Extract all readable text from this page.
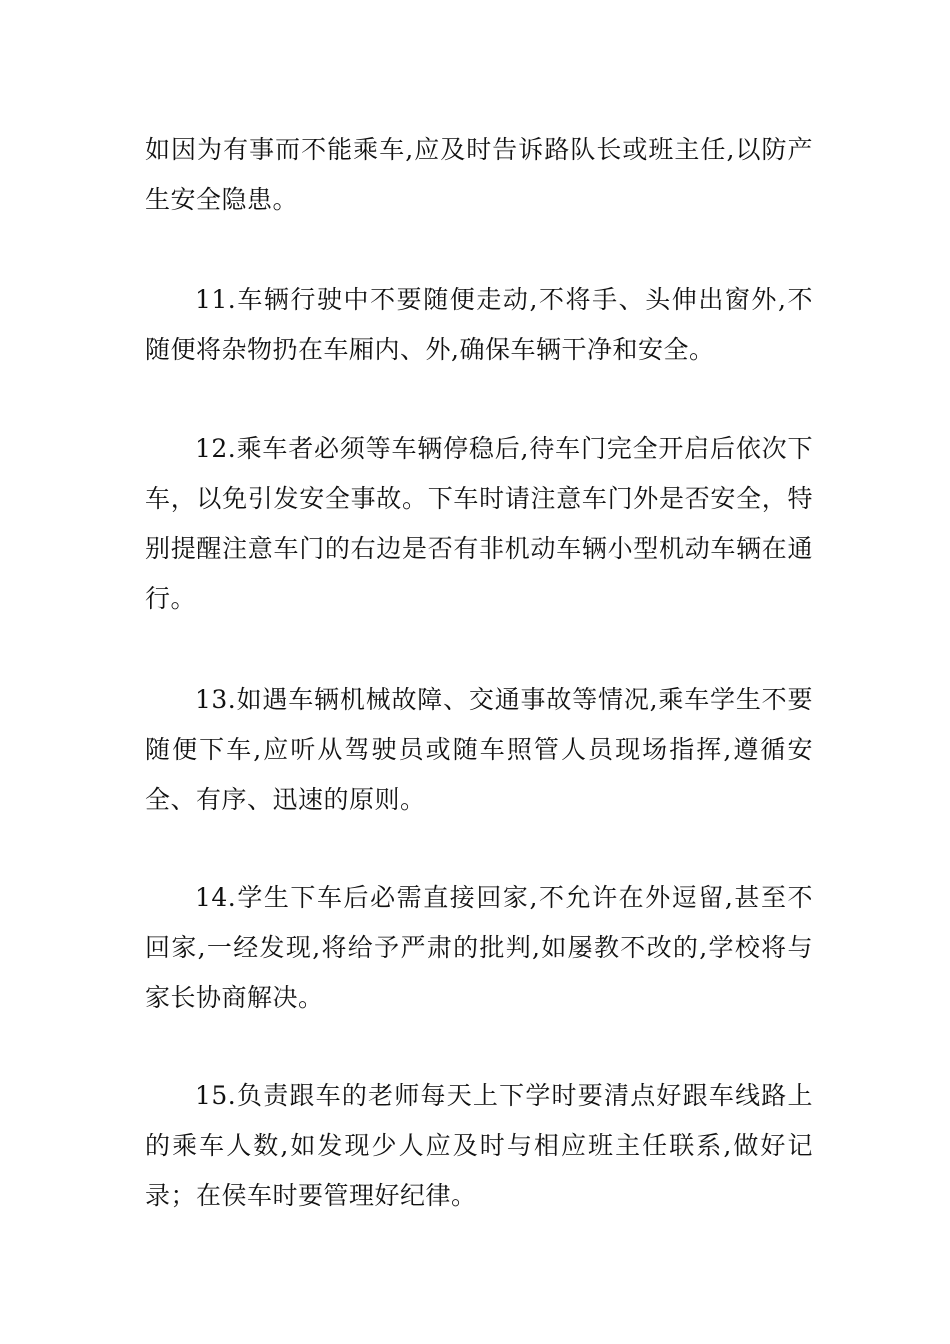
如因为有事而不能乘车,应及时告诉路队长或班主任,以防产生安全隐患。

11.车辆行驶中不要随便走动,不将手、头伸出窗外,不随便将杂物扔在车厢内、外,确保车辆干净和安全。

12.乘车者必须等车辆停稳后,待车门完全开启后依次下车，以免引发安全事故。下车时请注意车门外是否安全，特别提醒注意车门的右边是否有非机动车辆小型机动车辆在通行。

13.如遇车辆机械故障、交通事故等情况,乘车学生不要随便下车,应听从驾驶员或随车照管人员现场指挥,遵循安全、有序、迅速的原则。

14.学生下车后必需直接回家,不允许在外逗留,甚至不回家,一经发现,将给予严肃的批判,如屡教不改的,学校将与家长协商解决。

15.负责跟车的老师每天上下学时要清点好跟车线路上的乘车人数,如发现少人应及时与相应班主任联系,做好记录；在侯车时要管理好纪律。
